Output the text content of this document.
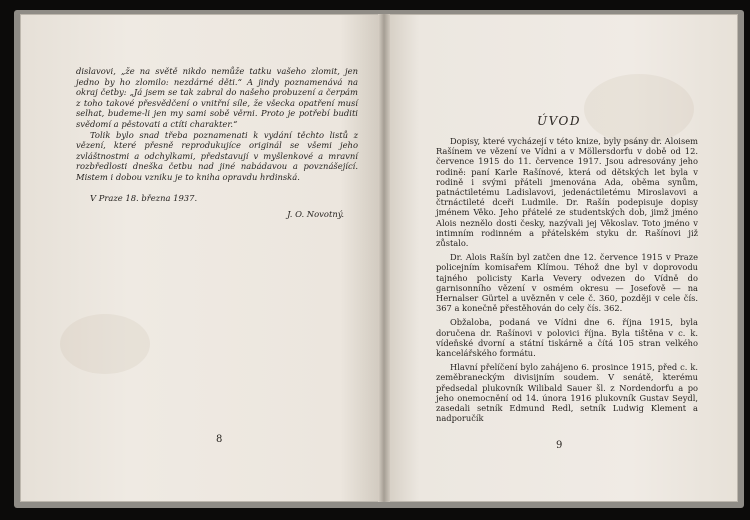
dislavovi, „že na světě nikdo nemůže tatku vašeho zlomit, jen jedno by ho zlomilo: nezdárné děti.“ A jindy poznamenává na okraj četby: „Já jsem se tak zabral do našeho probuzení a čerpám z toho takové přesvědčení o vnitřní síle, že všecka opatření musí selhat, budeme-li jen my sami sobě věrni. Proto je potřebí buditi svědomí a pěstovati a ctíti charakter.“

Tolik bylo snad třeba poznamenati k vydání těchto listů z vězení, které přesně reprodukujíce originál se všemi jeho zvláštnostmi a odchylkami, představují v myšlenkové a mravní rozbředlosti dneška četbu nad jiné nabádavou a povznášející. Mistem i dobou vzniku je to kniha opravdu hrdinská.

V Praze 18. března 1937.

J. O. Novotný.

8
ÚVOD

Dopisy, které vycházejí v této knize, byly psány dr. Aloisem Rašínem ve vězení ve Vídni a v Möllersdorfu v době od 12. července 1915 do 11. července 1917. Jsou adresovány jeho rodině: paní Karle Rašínové, která od dětských let byla v rodině i svými přáteli jmenována Ada, oběma synům, patnáctiletému Ladislavovi, jedenáctiletému Miroslavovi a čtrnáctileté dceři Ludmile. Dr. Rašín podepisuje dopisy jménem Věko. Jeho přátelé ze studentských dob, jimž jméno Alois neznělo dosti česky, nazývali jej Věkoslav. Toto jméno v intimním rodinném a přátelském styku dr. Rašínovi již zůstalo.

Dr. Alois Rašín byl zatčen dne 12. července 1915 v Praze policejním komisařem Klímou. Téhož dne byl v doprovodu tajného policisty Karla Vevery odvezen do Vídně do garnisonního vězení v osmém okresu — Josefově — na Hernalser Gürtel a uvězněn v cele č. 360, později v cele čís. 367 a konečně přestěhován do cely čís. 362.

Obžaloba, podaná ve Vídni dne 6. října 1915, byla doručena dr. Rašínovi v polovici října. Byla tištěna v c. k. vídeňské dvorní a státní tiskárně a čítá 105 stran velkého kancelářského formátu.

Hlavní přelíčení bylo zahájeno 6. prosince 1915, před c. k. zeměbraneckým divisijním soudem. V senátě, kterému předsedal plukovník Wilibald Sauer šl. z Nordendorfu a po jeho onemocnění od 14. února 1916 plukovník Gustav Seydl, zasedali setník Edmund Redl, setník Ludwig Klement a nadporučík

9
